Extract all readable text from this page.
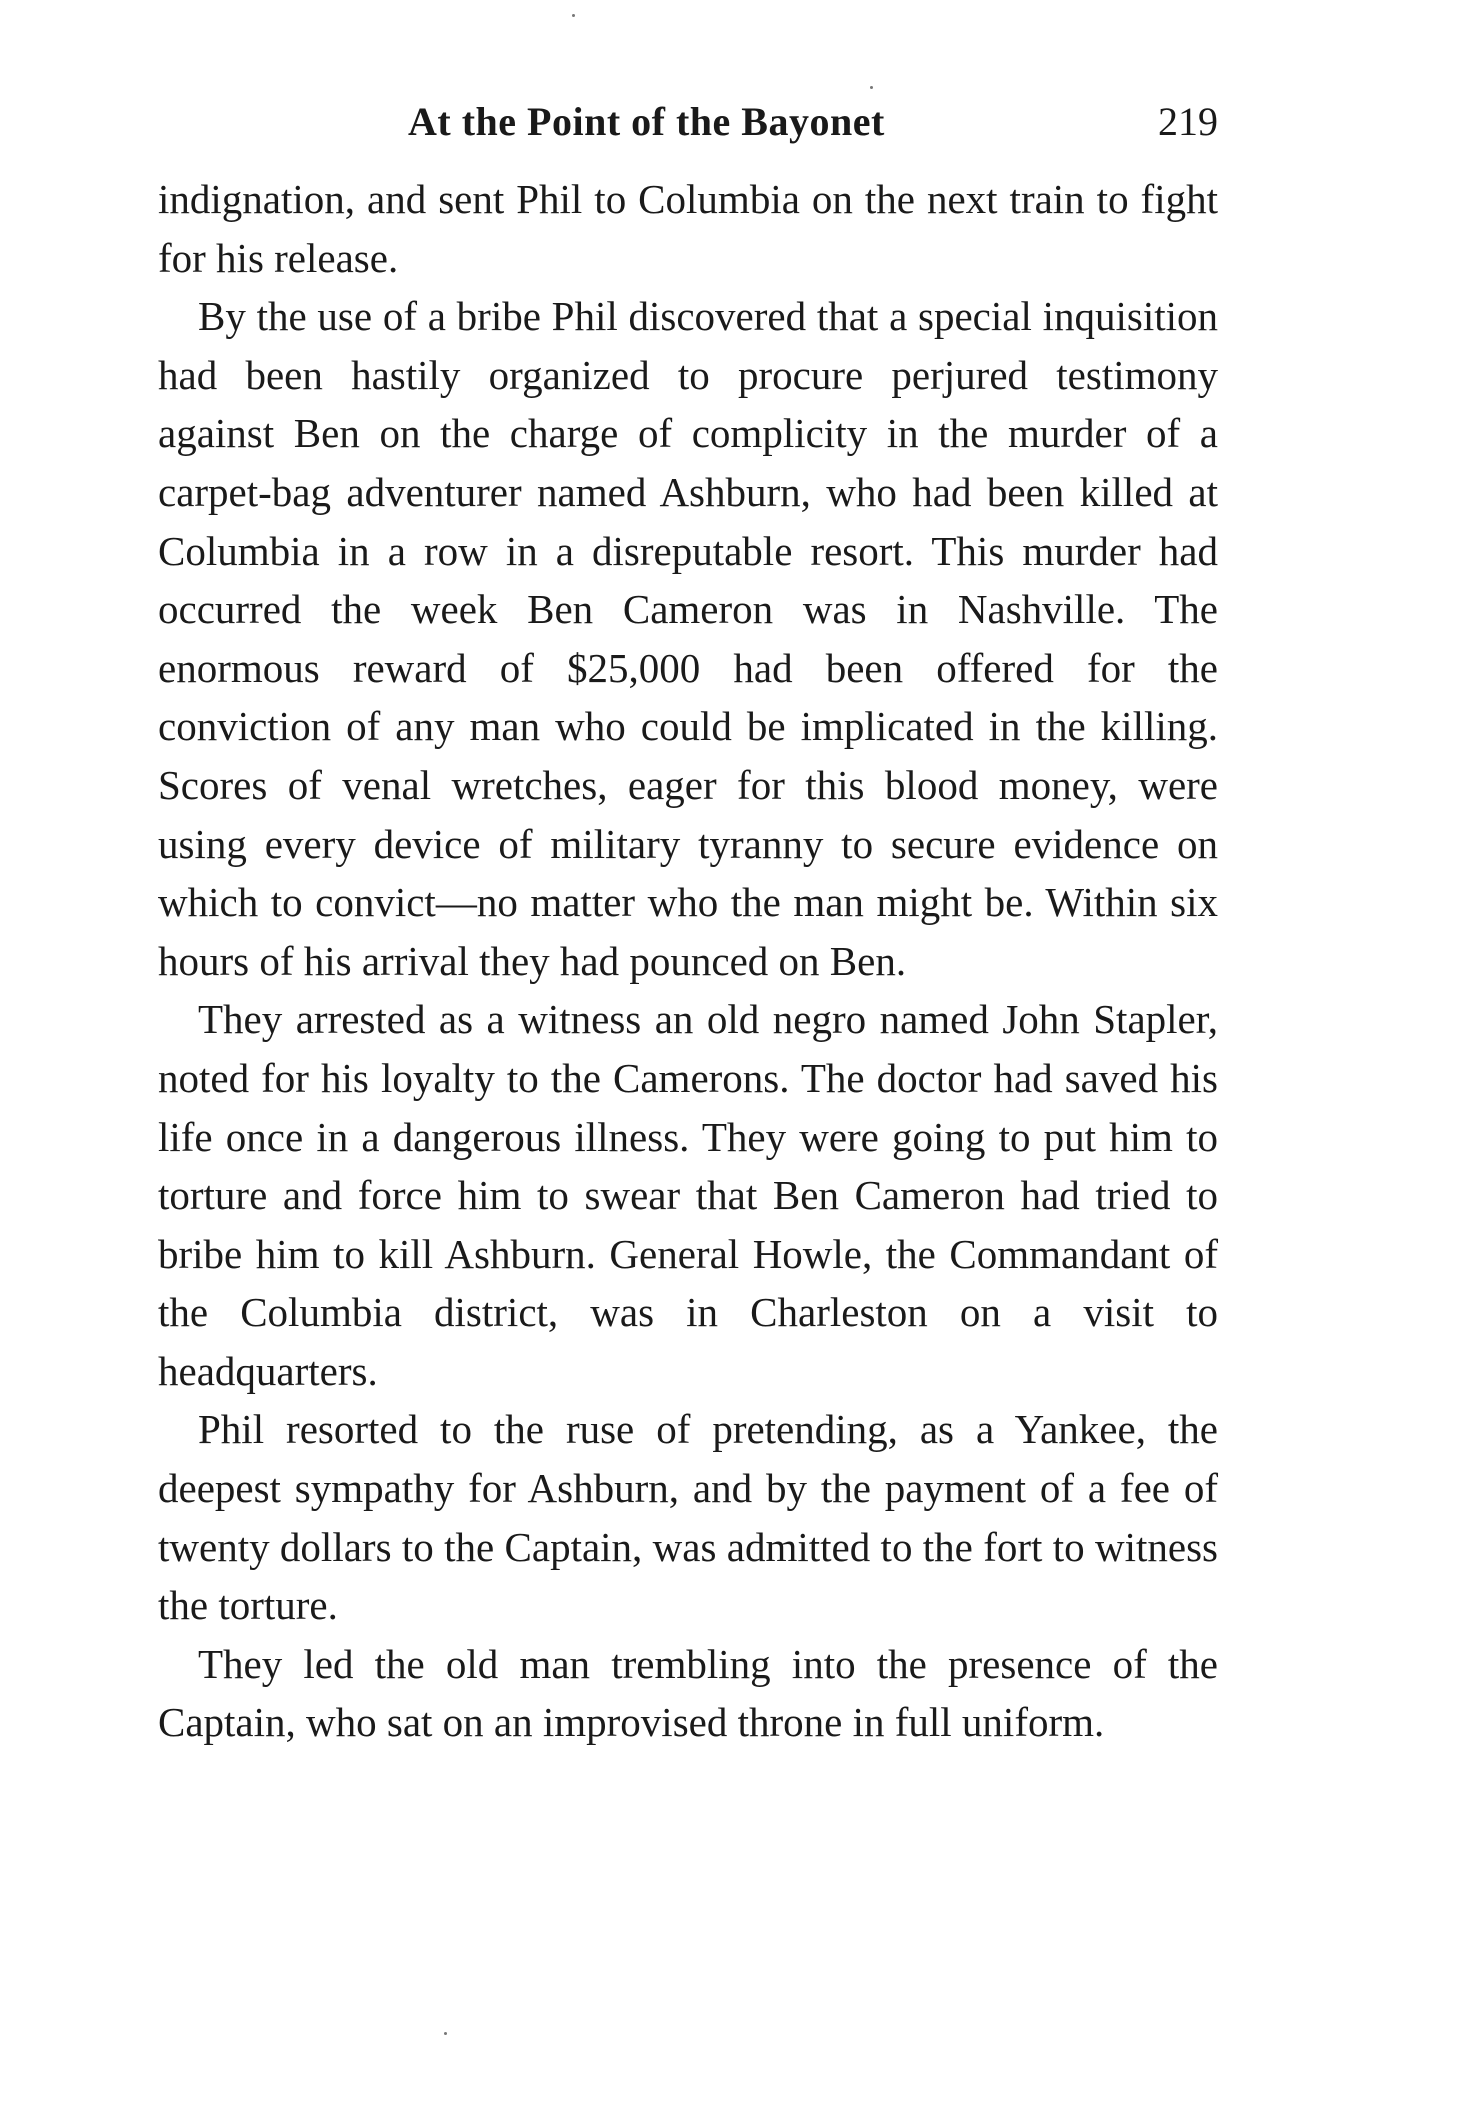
At the Point of the Bayonet	219

indignation, and sent Phil to Columbia on the next train to fight for his release.

By the use of a bribe Phil discovered that a special inquisition had been hastily organized to procure perjured testimony against Ben on the charge of complicity in the murder of a carpet-bag adventurer named Ashburn, who had been killed at Columbia in a row in a disreputable resort. This murder had occurred the week Ben Cameron was in Nashville. The enormous reward of $25,000 had been offered for the conviction of any man who could be implicated in the killing. Scores of venal wretches, eager for this blood money, were using every device of military tyranny to secure evidence on which to convict—no matter who the man might be. Within six hours of his arrival they had pounced on Ben.

They arrested as a witness an old negro named John Stapler, noted for his loyalty to the Camerons. The doctor had saved his life once in a dangerous illness. They were going to put him to torture and force him to swear that Ben Cameron had tried to bribe him to kill Ashburn. General Howle, the Commandant of the Columbia district, was in Charleston on a visit to headquarters.

Phil resorted to the ruse of pretending, as a Yankee, the deepest sympathy for Ashburn, and by the payment of a fee of twenty dollars to the Captain, was admitted to the fort to witness the torture.

They led the old man trembling into the presence of the Captain, who sat on an improvised throne in full uniform.
